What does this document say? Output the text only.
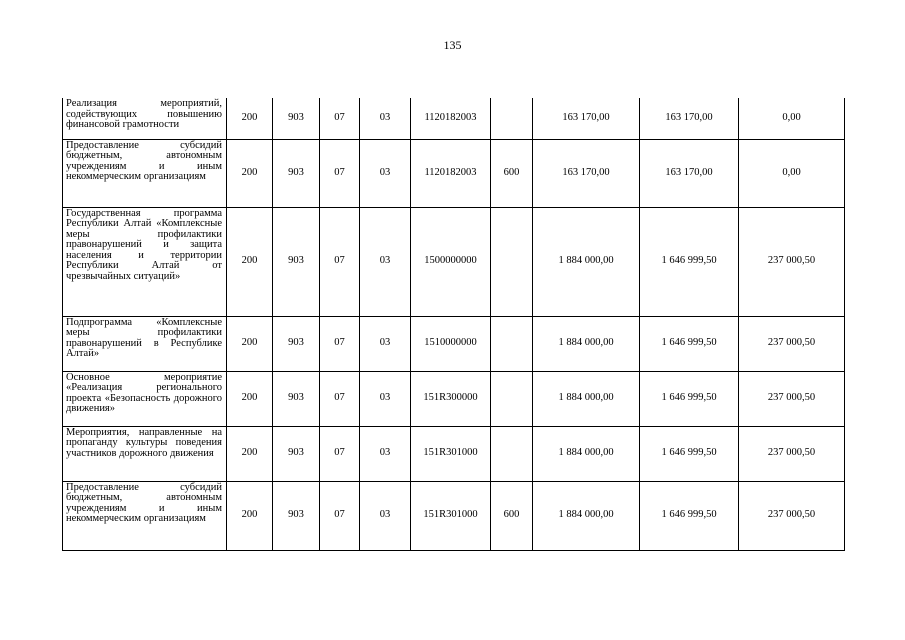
135
Реализация мероприятий, содействующих повышению финансовой грамотности	200	903	07	03	1120182003		163 170,00	163 170,00	0,00
Предоставление субсидий бюджетным, автономным учреждениям и иным некоммерческим организациям	200	903	07	03	1120182003	600	163 170,00	163 170,00	0,00
Государственная программа Республики Алтай «Комплексные меры профилактики правонарушений и защита населения и территории Республики Алтай от чрезвычайных ситуаций»	200	903	07	03	1500000000		1 884 000,00	1 646 999,50	237 000,50
Подпрограмма «Комплексные меры профилактики правонарушений в Республике Алтай»	200	903	07	03	1510000000		1 884 000,00	1 646 999,50	237 000,50
Основное мероприятие «Реализация регионального проекта «Безопасность дорожного движения»	200	903	07	03	151R300000		1 884 000,00	1 646 999,50	237 000,50
Мероприятия, направленные на пропаганду культуры поведения участников дорожного движения	200	903	07	03	151R301000		1 884 000,00	1 646 999,50	237 000,50
Предоставление субсидий бюджетным, автономным учреждениям и иным некоммерческим организациям	200	903	07	03	151R301000	600	1 884 000,00	1 646 999,50	237 000,50
